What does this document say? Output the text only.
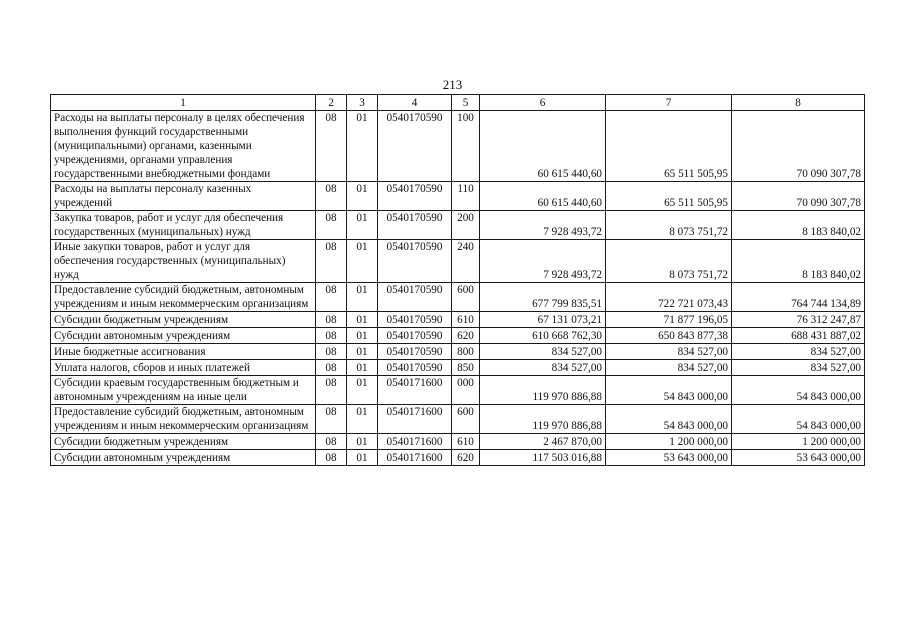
213
1	2	3	4	5	6	7	8
Расходы на выплаты персоналу в целях обеспечения выполнения функций государственными (муниципальными) органами, казенными учреждениями, органами управления государственными внебюджетными фондами	08	01	0540170590	100	60 615 440,60	65 511 505,95	70 090 307,78
Расходы на выплаты персоналу казенных учреждений	08	01	0540170590	110	60 615 440,60	65 511 505,95	70 090 307,78
Закупка товаров, работ и услуг для обеспечения государственных (муниципальных) нужд	08	01	0540170590	200	7 928 493,72	8 073 751,72	8 183 840,02
Иные закупки товаров, работ и услуг для обеспечения государственных (муниципальных) нужд	08	01	0540170590	240	7 928 493,72	8 073 751,72	8 183 840,02
Предоставление субсидий бюджетным, автономным учреждениям и иным некоммерческим организациям	08	01	0540170590	600	677 799 835,51	722 721 073,43	764 744 134,89
Субсидии бюджетным учреждениям	08	01	0540170590	610	67 131 073,21	71 877 196,05	76 312 247,87
Субсидии автономным учреждениям	08	01	0540170590	620	610 668 762,30	650 843 877,38	688 431 887,02
Иные бюджетные ассигнования	08	01	0540170590	800	834 527,00	834 527,00	834 527,00
Уплата налогов, сборов и иных платежей	08	01	0540170590	850	834 527,00	834 527,00	834 527,00
Субсидии краевым государственным бюджетным и автономным учреждениям на иные цели	08	01	0540171600	000	119 970 886,88	54 843 000,00	54 843 000,00
Предоставление субсидий бюджетным, автономным учреждениям и иным некоммерческим организациям	08	01	0540171600	600	119 970 886,88	54 843 000,00	54 843 000,00
Субсидии бюджетным учреждениям	08	01	0540171600	610	2 467 870,00	1 200 000,00	1 200 000,00
Субсидии автономным учреждениям	08	01	0540171600	620	117 503 016,88	53 643 000,00	53 643 000,00
